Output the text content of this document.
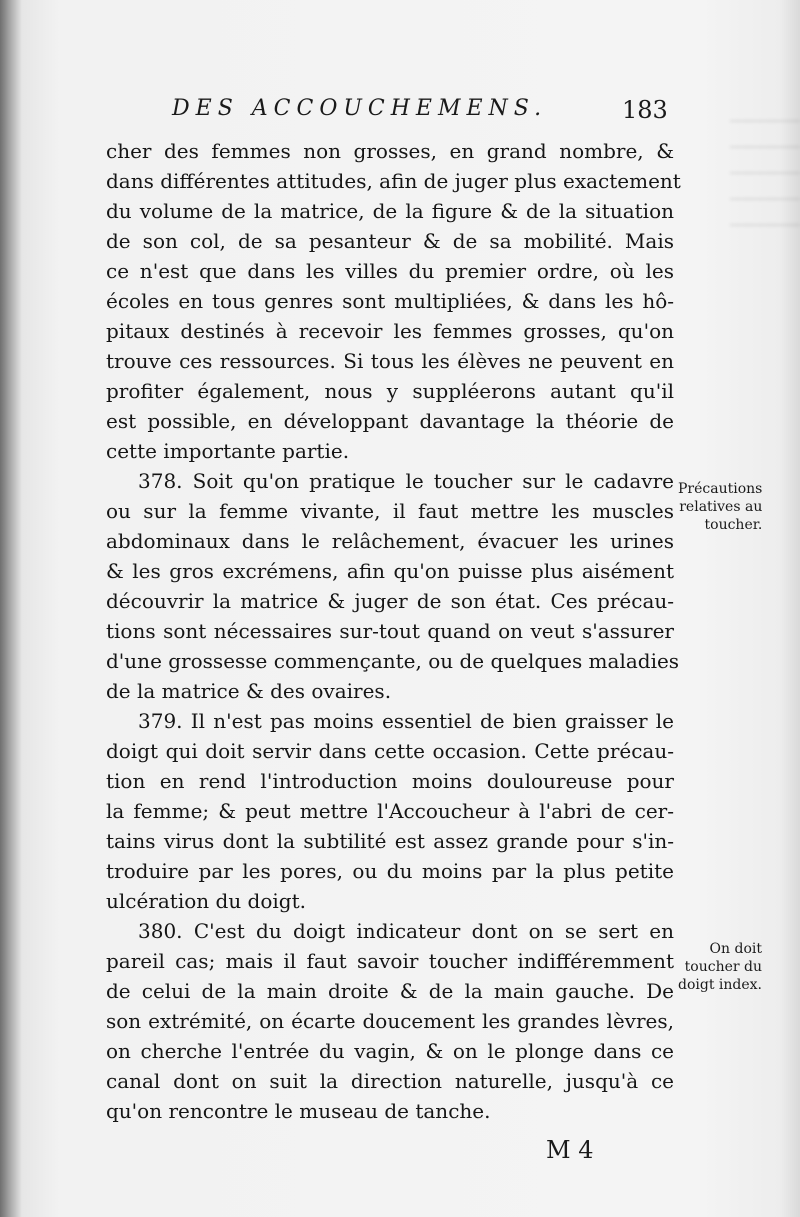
DES ACCOUCHEMENS.	183
cher des femmes non grosses, en grand nombre, &
dans différentes attitudes, afin de juger plus exactement
du volume de la matrice, de la figure & de la situation
de son col, de sa pesanteur & de sa mobilité. Mais
ce n'est que dans les villes du premier ordre, où les
écoles en tous genres sont multipliées, & dans les hô-
pitaux destinés à recevoir les femmes grosses, qu'on
trouve ces ressources. Si tous les élèves ne peuvent en
profiter également, nous y suppléerons autant qu'il
est possible, en développant davantage la théorie de
cette importante partie.
378. Soit qu'on pratique le toucher sur le cadavre
ou sur la femme vivante, il faut mettre les muscles
abdominaux dans le relâchement, évacuer les urines
& les gros excrémens, afin qu'on puisse plus aisément
découvrir la matrice & juger de son état. Ces précau-
tions sont nécessaires sur-tout quand on veut s'assurer
d'une grossesse commençante, ou de quelques maladies
de la matrice & des ovaires.
379. Il n'est pas moins essentiel de bien graisser le
doigt qui doit servir dans cette occasion. Cette précau-
tion en rend l'introduction moins douloureuse pour
la femme; & peut mettre l'Accoucheur à l'abri de cer-
tains virus dont la subtilité est assez grande pour s'in-
troduire par les pores, ou du moins par la plus petite
ulcération du doigt.
380. C'est du doigt indicateur dont on se sert en
pareil cas; mais il faut savoir toucher indifféremment
de celui de la main droite & de la main gauche. De
son extrémité, on écarte doucement les grandes lèvres,
on cherche l'entrée du vagin, & on le plonge dans ce
canal dont on suit la direction naturelle, jusqu'à ce
qu'on rencontre le museau de tanche.
Précautions
relatives au
toucher.
On doit
toucher du
doigt index.
M 4
